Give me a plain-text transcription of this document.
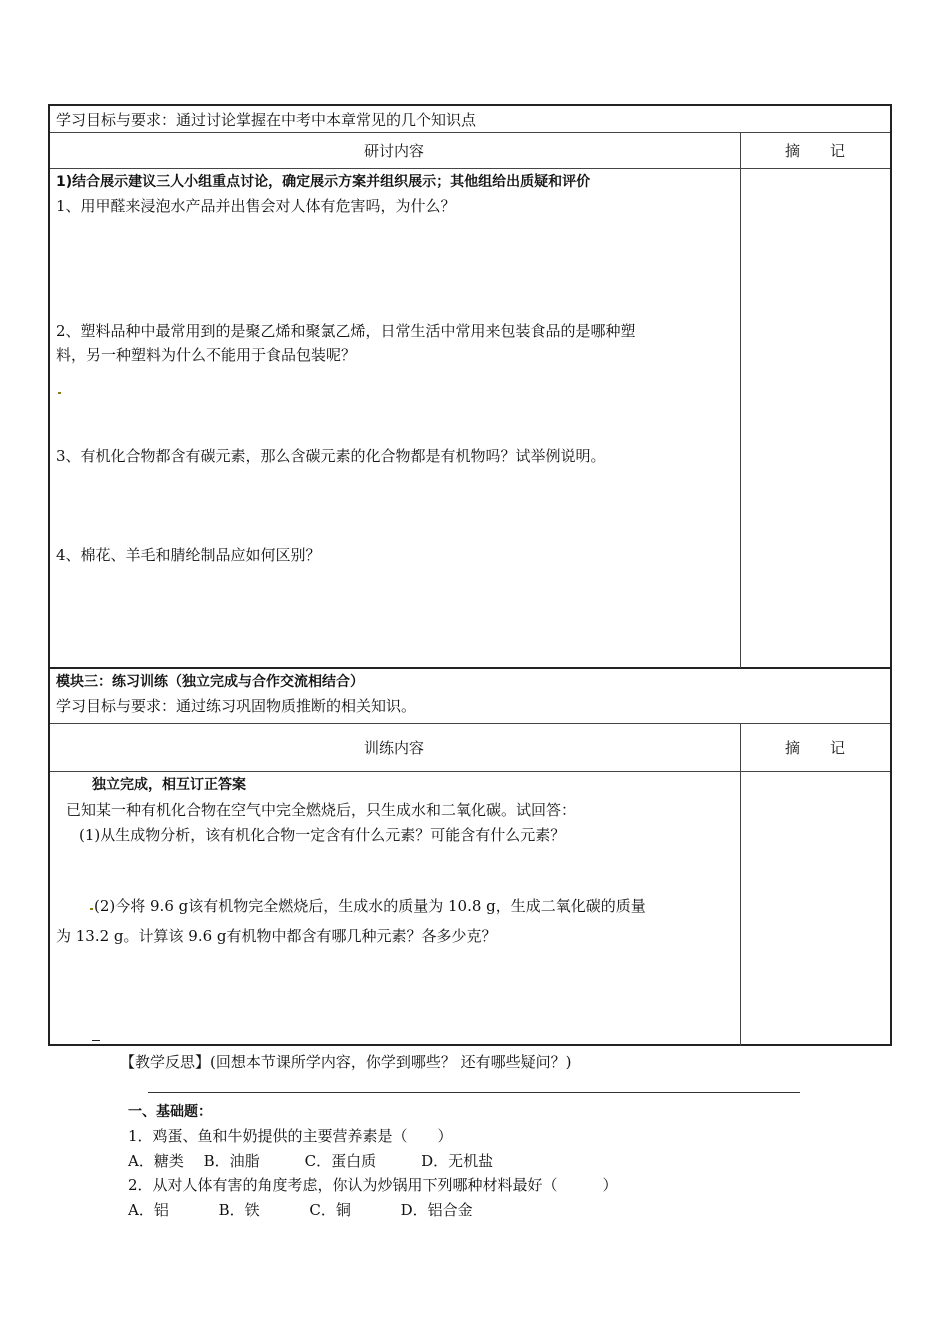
学习目标与要求：通过讨论掌握在中考中本章常见的几个知识点
研讨内容	摘　　记
1)结合展示建议三人小组重点讨论，确定展示方案并组织展示；其他组给出质疑和评价
1、用甲醛来浸泡水产品并出售会对人体有危害吗，为什么？
2、塑料品种中最常用到的是聚乙烯和聚氯乙烯，日常生活中常用来包装食品的是哪种塑
料，另一种塑料为什么不能用于食品包装呢？
3、有机化合物都含有碳元素，那么含碳元素的化合物都是有机物吗？试举例说明。
4、棉花、羊毛和腈纶制品应如何区别？
模块三：练习训练（独立完成与合作交流相结合）
学习目标与要求：通过练习巩固物质推断的相关知识。
训练内容	摘　　记
独立完成，相互订正答案
已知某一种有机化合物在空气中完全燃烧后，只生成水和二氧化碳。试回答：
(1)从生成物分析，该有机化合物一定含有什么元素？可能含有什么元素？
(2)今将 9.6 g该有机物完全燃烧后，生成水的质量为 10.8 g，生成二氧化碳的质量
为 13.2 g。计算该 9.6 g有机物中都含有哪几种元素？各多少克？
【教学反思】(回想本节课所学内容，你学到哪些？ 还有哪些疑问？)
一、基础题：
1．鸡蛋、鱼和牛奶提供的主要营养素是（　　）
A．糖类　 B．油脂　　　C．蛋白质　　　D．无机盐
2．从对人体有害的角度考虑，你认为炒锅用下列哪种材料最好（　　　）
A．铝　　　 B．铁　　　 C．铜　　　 D．铝合金
